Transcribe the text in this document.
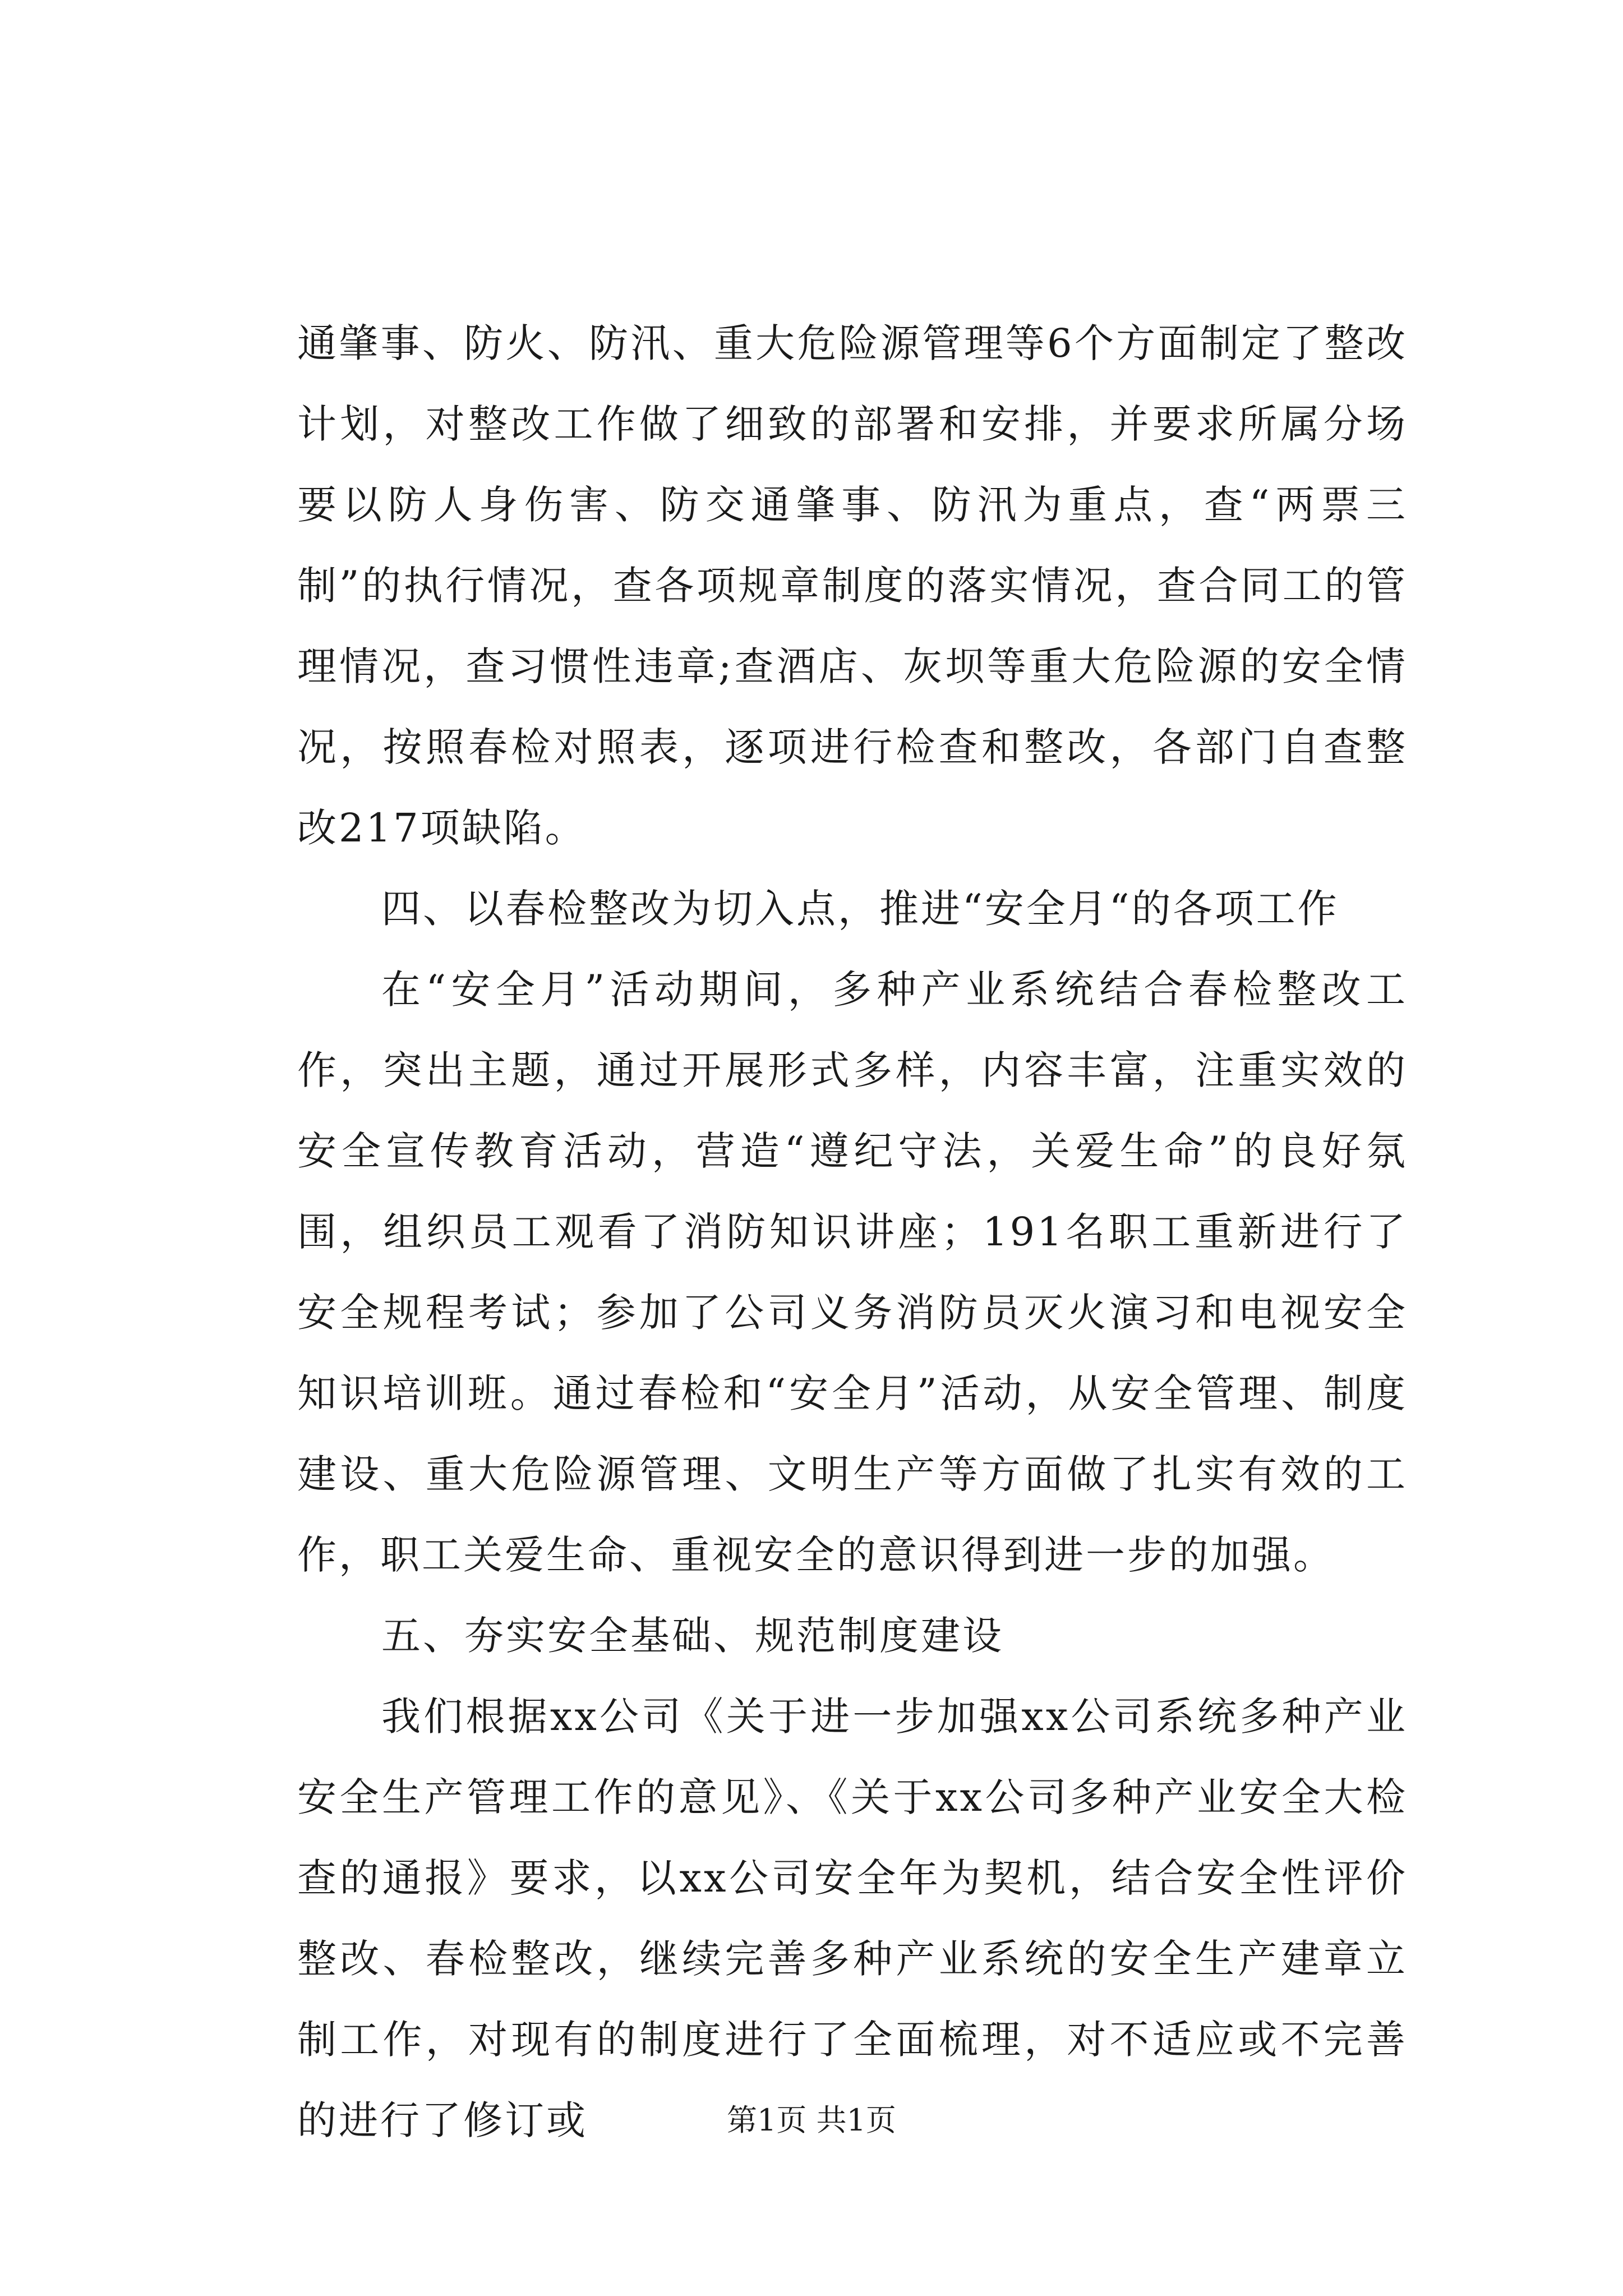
通肇事、防火、防汛、重大危险源管理等6个方面制定了整改计划，对整改工作做了细致的部署和安排，并要求所属分场要以防人身伤害、防交通肇事、防汛为重点，查“两票三制”的执行情况，查各项规章制度的落实情况，查合同工的管理情况，查习惯性违章;查酒店、灰坝等重大危险源的安全情况，按照春检对照表，逐项进行检查和整改，各部门自查整改217项缺陷。

四、以春检整改为切入点，推进“安全月“的各项工作

在“安全月”活动期间，多种产业系统结合春检整改工作，突出主题，通过开展形式多样，内容丰富，注重实效的安全宣传教育活动，营造“遵纪守法，关爱生命”的良好氛围，组织员工观看了消防知识讲座；191名职工重新进行了安全规程考试；参加了公司义务消防员灭火演习和电视安全知识培训班。通过春检和“安全月”活动，从安全管理、制度建设、重大危险源管理、文明生产等方面做了扎实有效的工作，职工关爱生命、重视安全的意识得到进一步的加强。

五、夯实安全基础、规范制度建设

我们根据xx公司《关于进一步加强xx公司系统多种产业安全生产管理工作的意见》、《关于xx公司多种产业安全大检查的通报》要求，以xx公司安全年为契机，结合安全性评价整改、春检整改，继续完善多种产业系统的安全生产建章立制工作，对现有的制度进行了全面梳理，对不适应或不完善的进行了修订或	第1页 共1页
